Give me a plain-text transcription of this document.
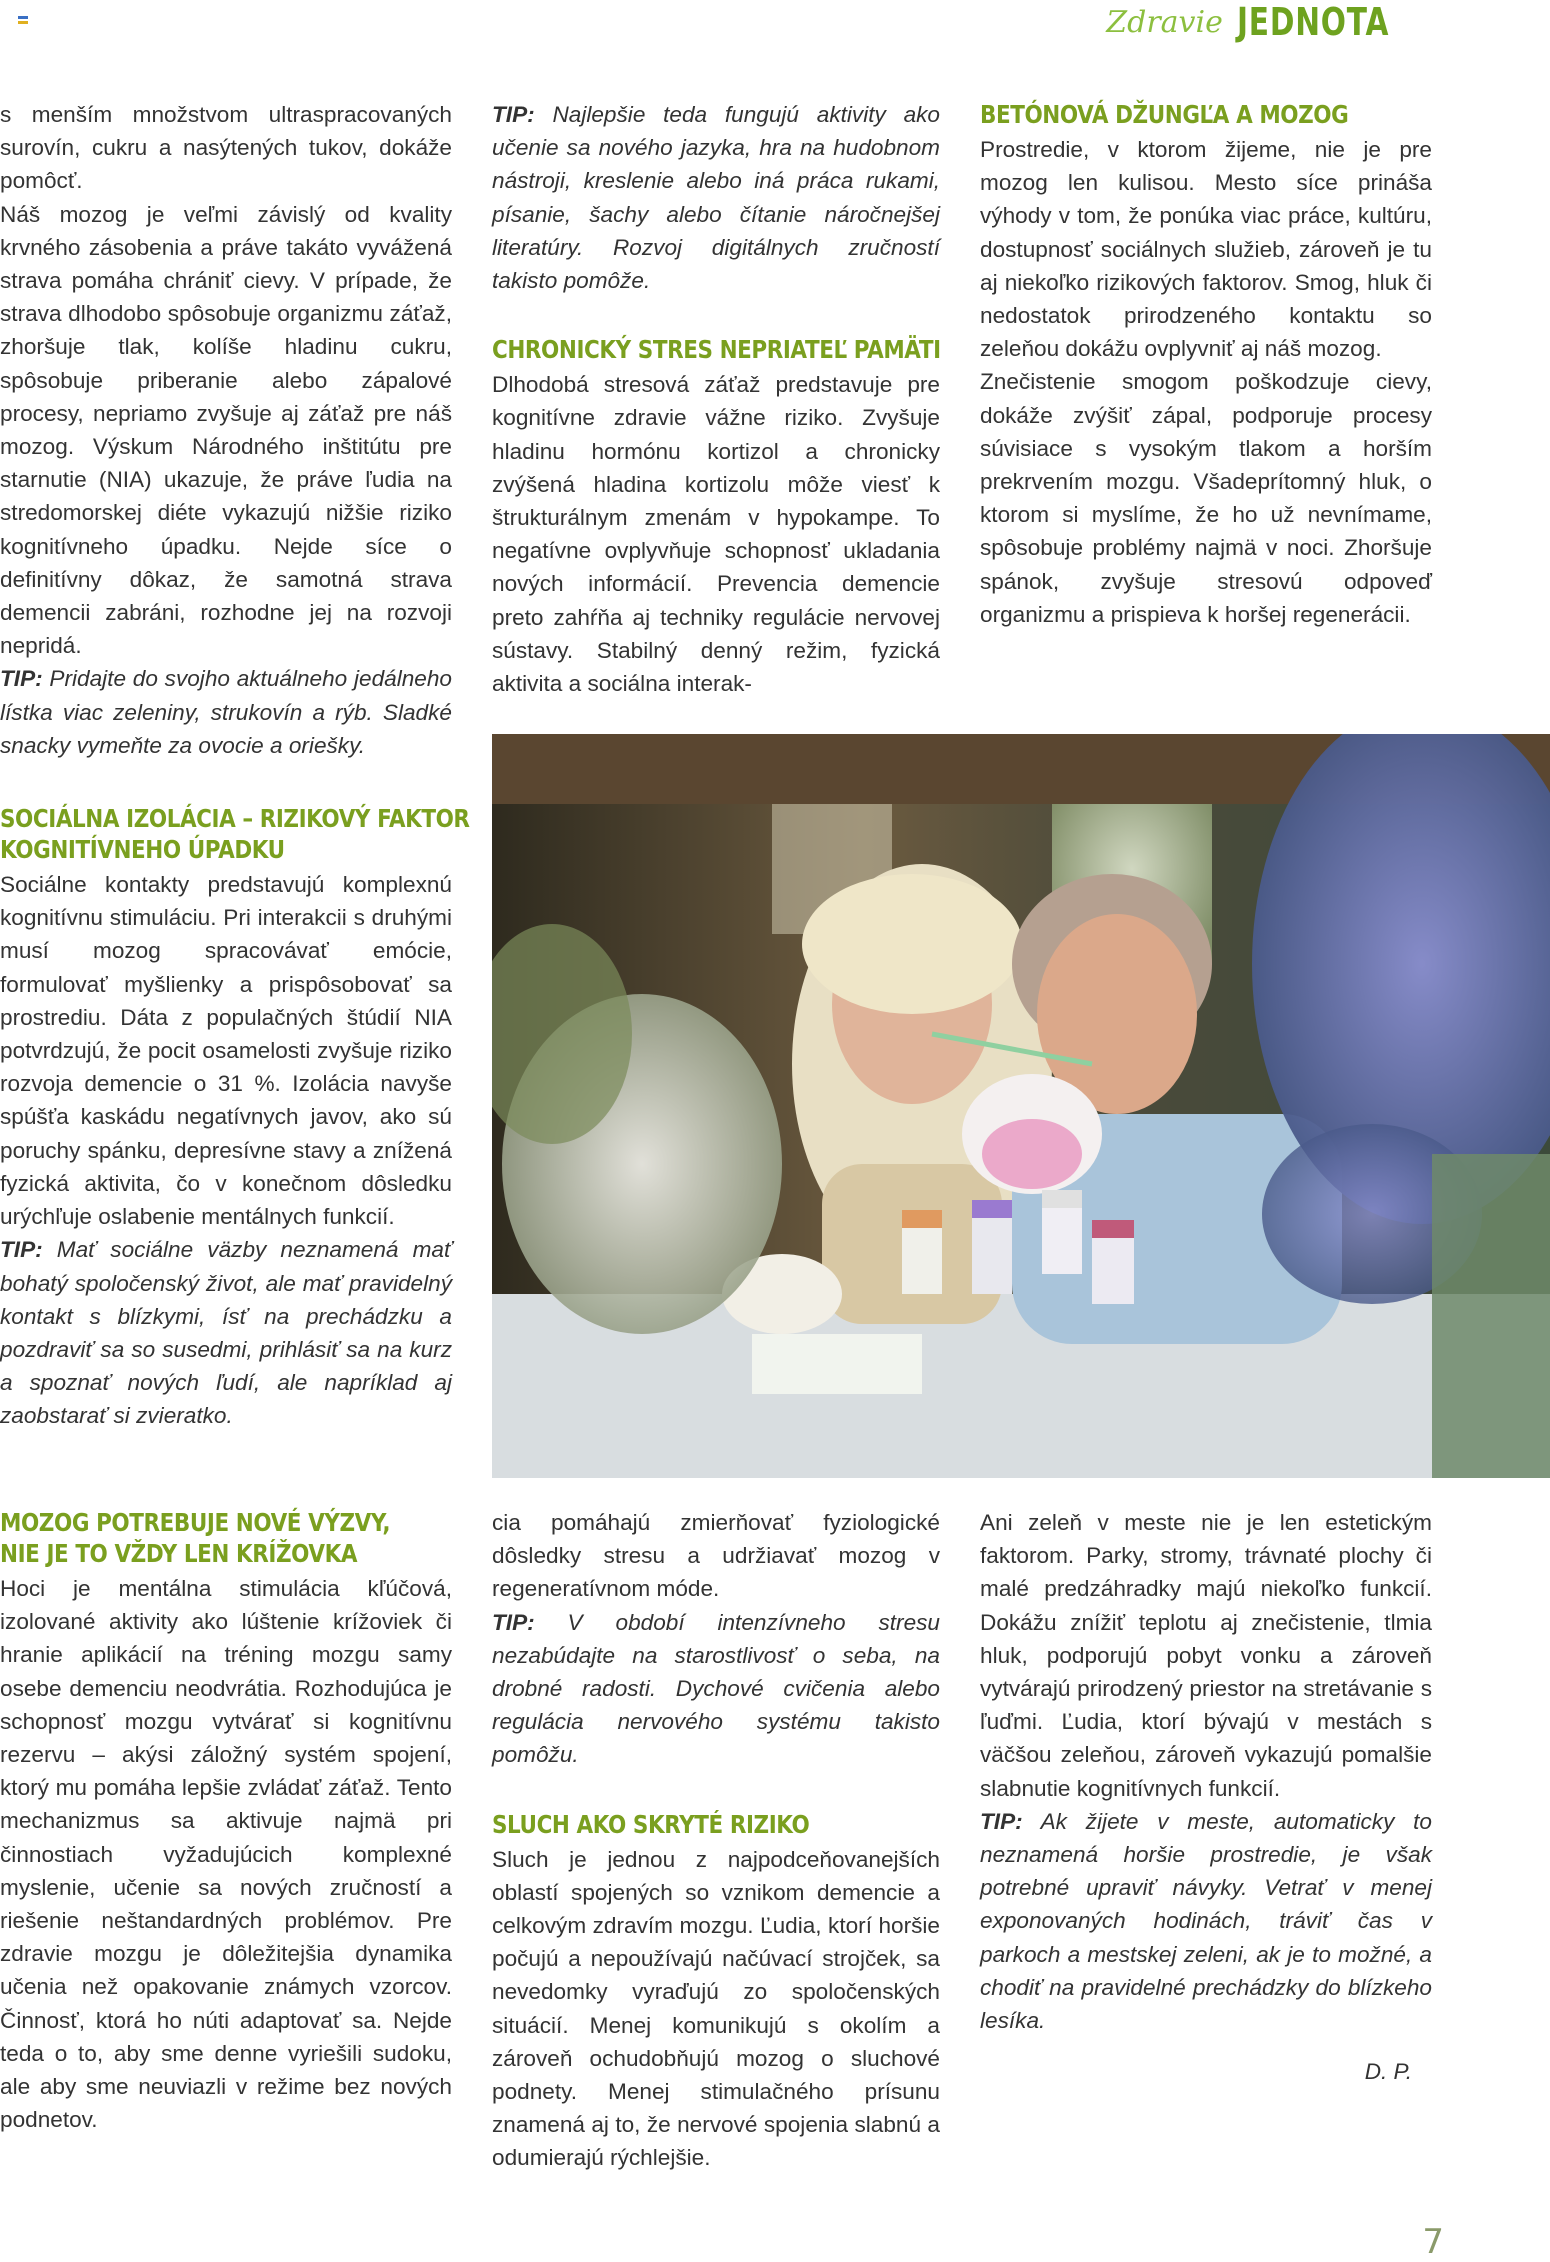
Zdravie JEDNOTA

s menším množstvom ultraspracovaných surovín, cukru a nasýtených tukov, dokáže pomôcť.

Náš mozog je veľmi závislý od kvality krvného zásobenia a práve takáto vyvážená strava pomáha chrániť cievy. V prípade, že strava dlhodobo spôsobuje organizmu záťaž, zhoršuje tlak, kolíše hladinu cukru, spôsobuje priberanie alebo zápalové procesy, nepriamo zvyšuje aj záťaž pre náš mozog. Výskum Národného inštitútu pre starnutie (NIA) ukazuje, že práve ľudia na stredomorskej diéte vykazujú nižšie riziko kognitívneho úpadku. Nejde síce o definitívny dôkaz, že samotná strava demencii zabráni, rozhodne jej na rozvoji nepridá.

TIP: Pridajte do svojho aktuálneho jedálneho lístka viac zeleniny, strukovín a rýb. Sladké snacky vymeňte za ovocie a oriešky.

SOCIÁLNA IZOLÁCIA – RIZIKOVÝ FAKTOR
KOGNITÍVNEHO ÚPADKU

Sociálne kontakty predstavujú komplexnú kognitívnu stimuláciu. Pri interakcii s druhými musí mozog spracovávať emócie, formulovať myšlienky a prispôsobovať sa prostrediu. Dáta z populačných štúdií NIA potvrdzujú, že pocit osamelosti zvyšuje riziko rozvoja demencie o 31 %. Izolácia navyše spúšťa kaskádu negatívnych javov, ako sú poruchy spánku, depresívne stavy a znížená fyzická aktivita, čo v konečnom dôsledku urýchľuje oslabenie mentálnych funkcií.

TIP: Mať sociálne väzby neznamená mať bohatý spoločenský život, ale mať pravidelný kontakt s blízkymi, ísť na prechádzku a pozdraviť sa so susedmi, prihlásiť sa na kurz a spoznať nových ľudí, ale napríklad aj zaobstarať si zvieratko.

MOZOG POTREBUJE NOVÉ VÝZVY,
NIE JE TO VŽDY LEN KRÍŽOVKA

Hoci je mentálna stimulácia kľúčová, izolované aktivity ako lúštenie krížoviek či hranie aplikácií na tréning mozgu samy osebe demenciu neodvrátia. Rozhodujúca je schopnosť mozgu vytvárať si kognitívnu rezervu – akýsi záložný systém spojení, ktorý mu pomáha lepšie zvládať záťaž. Tento mechanizmus sa aktivuje najmä pri činnostiach vyžadujúcich komplexné myslenie, učenie sa nových zručností a riešenie neštandardných problémov. Pre zdravie mozgu je dôležitejšia dynamika učenia než opakovanie známych vzorcov. Činnosť, ktorá ho núti adaptovať sa. Nejde teda o to, aby sme denne vyriešili sudoku, ale aby sme neuviazli v režime bez nových podnetov.

TIP: Najlepšie teda fungujú aktivity ako učenie sa nového jazyka, hra na hudobnom nástroji, kreslenie alebo iná práca rukami, písanie, šachy alebo čítanie náročnejšej literatúry. Rozvoj digitálnych zručností takisto pomôže.

CHRONICKÝ STRES NEPRIATEĽ PAMÄTI

Dlhodobá stresová záťaž predstavuje pre kognitívne zdravie vážne riziko. Zvyšuje hladinu hormónu kortizol a chronicky zvýšená hladina kortizolu môže viesť k štrukturálnym zmenám v hypokampe. To negatívne ovplyvňuje schopnosť ukladania nových informácií. Prevencia demencie preto zahŕňa aj techniky regulácie nervovej sústavy. Stabilný denný režim, fyzická aktivita a sociálna interak-

BETÓNOVÁ DŽUNGĽA A MOZOG

Prostredie, v ktorom žijeme, nie je pre mozog len kulisou. Mesto síce prináša výhody v tom, že ponúka viac práce, kultúru, dostupnosť sociálnych služieb, zároveň je tu aj niekoľko rizikových faktorov. Smog, hluk či nedostatok prirodzeného kontaktu so zeleňou dokážu ovplyvniť aj náš mozog.

Znečistenie smogom poškodzuje cievy, dokáže zvýšiť zápal, podporuje procesy súvisiace s vysokým tlakom a horším prekrvením mozgu. Všadeprítomný hluk, o ktorom si myslíme, že ho už nevnímame, spôsobuje problémy najmä v noci. Zhoršuje spánok, zvyšuje stresovú odpoveď organizmu a prispieva k horšej regenerácii.

cia pomáhajú zmierňovať fyziologické dôsledky stresu a udržiavať mozog v regeneratívnom móde.

TIP: V období intenzívneho stresu nezabúdajte na starostlivosť o seba, na drobné radosti. Dychové cvičenia alebo regulácia nervového systému takisto pomôžu.

SLUCH AKO SKRYTÉ RIZIKO

Sluch je jednou z najpodceňovanejších oblastí spojených so vznikom demencie a celkovým zdravím mozgu. Ľudia, ktorí horšie počujú a nepoužívajú načúvací strojček, sa nevedomky vyraďujú zo spoločenských situácií. Menej komunikujú s okolím a zároveň ochudobňujú mozog o sluchové podnety. Menej stimulačného prísunu znamená aj to, že nervové spojenia slabnú a odumierajú rýchlejšie.

Ani zeleň v meste nie je len estetickým faktorom. Parky, stromy, trávnaté plochy či malé predzáhradky majú niekoľko funkcií. Dokážu znížiť teplotu aj znečistenie, tlmia hluk, podporujú pobyt vonku a zároveň vytvárajú prirodzený priestor na stretávanie s ľuďmi. Ľudia, ktorí bývajú v mestách s väčšou zeleňou, zároveň vykazujú pomalšie slabnutie kognitívnych funkcií.

TIP: Ak žijete v meste, automaticky to neznamená horšie prostredie, je však potrebné upraviť návyky. Vetrať v menej exponovaných hodinách, tráviť čas v parkoch a mestskej zeleni, ak je to možné, a chodiť na pravidelné prechádzky do blízkeho lesíka.

D. P.

7
